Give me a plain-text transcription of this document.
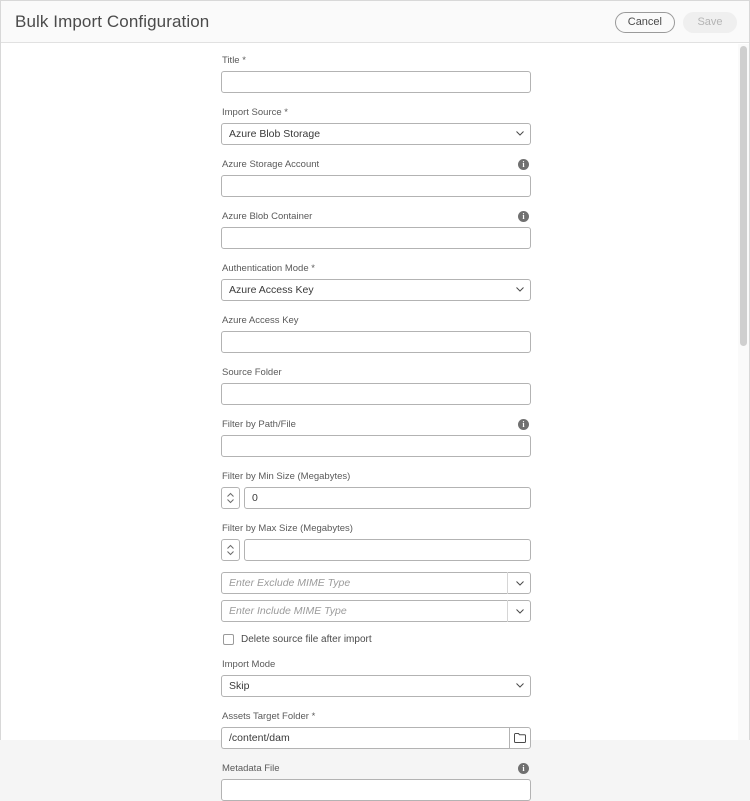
Bulk Import Configuration	Cancel	Save
Title *
Import Source *
Azure Blob Storage
Azure Storage Account	i
Azure Blob Container	i
Authentication Mode *
Azure Access Key
Azure Access Key
Source Folder
Filter by Path/File	i
Filter by Min Size (Megabytes)
0
Filter by Max Size (Megabytes)
Enter Exclude MIME Type
Enter Include MIME Type
Delete source file after import
Import Mode
Skip
Assets Target Folder *
/content/dam
Metadata File	i
